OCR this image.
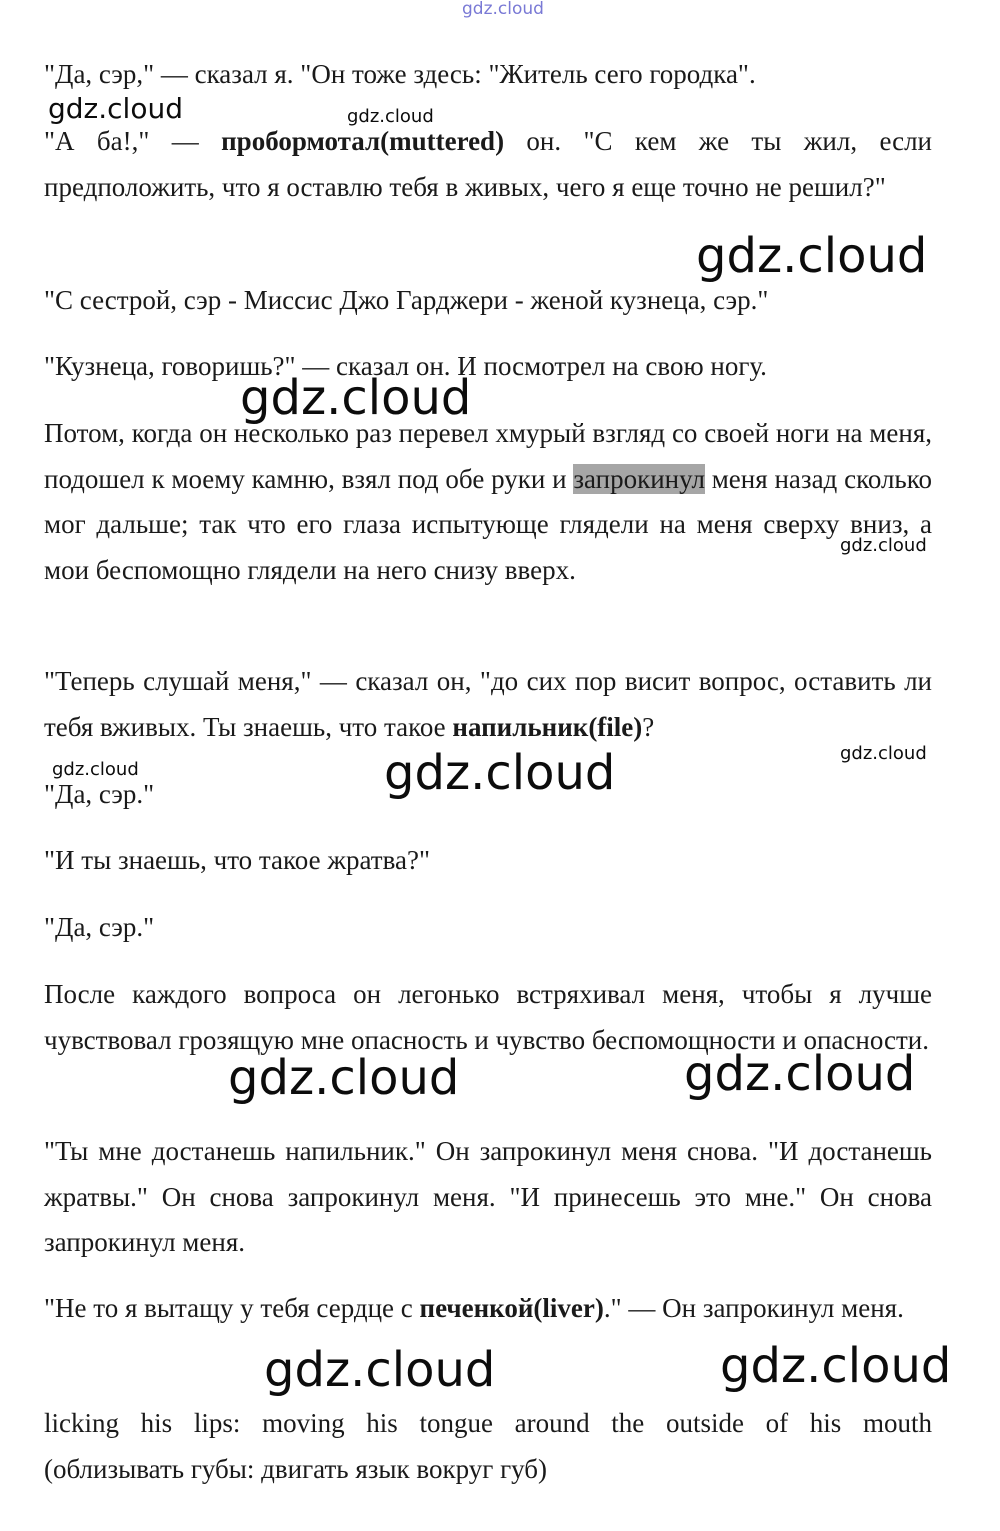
"Да, сэр," — сказал я. "Он тоже здесь: "Житель сего городка".

"А ба!," — пробормотал(muttered) он. "С кем же ты жил, если предположить, что я оставлю тебя в живых, чего я еще точно не решил?"

"С сестрой, сэр - Миссис Джо Гарджери - женой кузнеца, сэр."

"Кузнеца, говоришь?" — сказал он. И посмотрел на свою ногу.

Потом, когда он несколько раз перевел хмурый взгляд со своей ноги на меня, подошел к моему камню, взял под обе руки и запрокинул меня назад сколько мог дальше; так что его глаза испытующе глядели на меня сверху вниз, а мои беспомощно глядели на него снизу вверх.

"Теперь слушай меня," — сказал он, "до сих пор висит вопрос, оставить ли тебя вживых. Ты знаешь, что такое напильник(file)?

"Да, сэр."

"И ты знаешь, что такое жратва?"

"Да, сэр."

После каждого вопроса он легонько встряхивал меня, чтобы я лучше чувствовал грозящую мне опасность и чувство беспомощности и опасности.

"Ты мне достанешь напильник." Он запрокинул меня снова. "И достанешь жратвы." Он снова запрокинул меня. "И принесешь это мне." Он снова запрокинул меня.

"Не то я вытащу у тебя сердце с печенкой(liver)." — Он запрокинул меня.

licking his lips: moving his tongue around the outside of his mouth
(облизывать губы: двигать язык вокруг губ)

gdz.cloud
gdz.cloud	gdz.cloud
gdz.cloud
gdz.cloud
gdz.cloud
gdz.cloud
gdz.cloud	gdz.cloud
gdz.cloud	gdz.cloud
gdz.cloud	gdz.cloud
